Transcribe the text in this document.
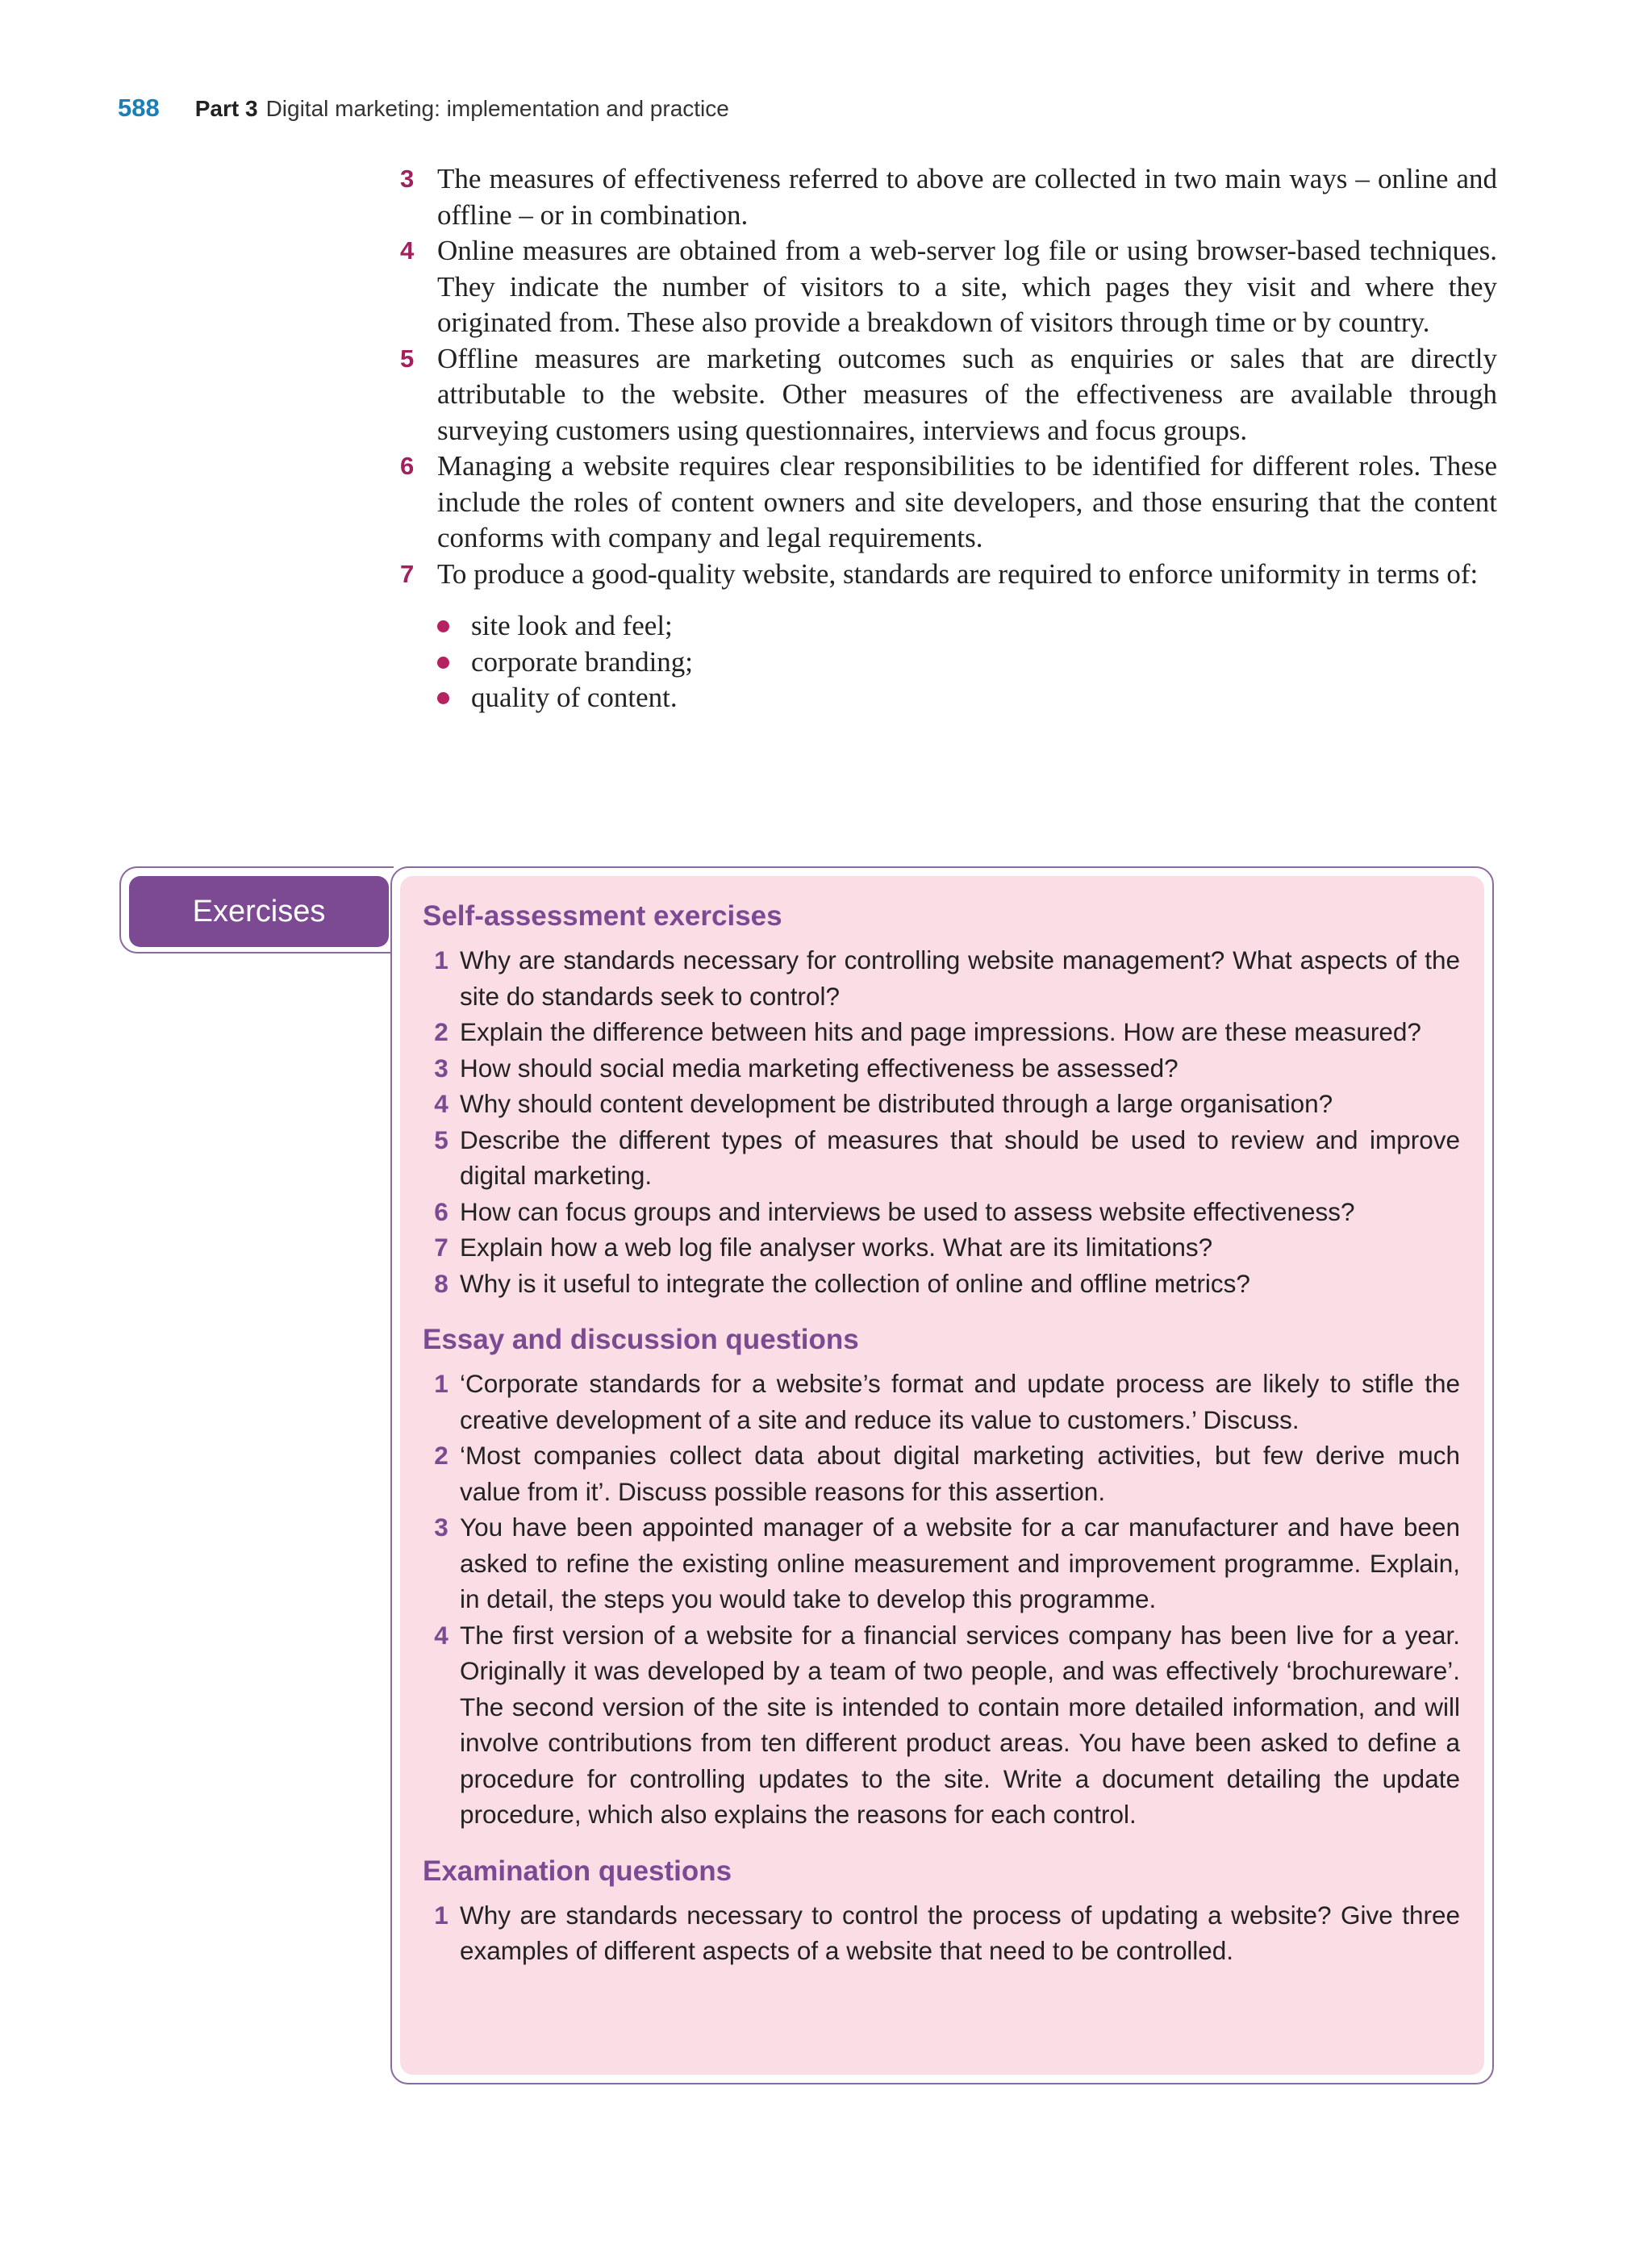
588 Part 3 Digital marketing: implementation and practice
3 The measures of effectiveness referred to above are collected in two main ways – online and offline – or in combination.
4 Online measures are obtained from a web-server log file or using browser-based techniques. They indicate the number of visitors to a site, which pages they visit and where they originated from. These also provide a breakdown of visitors through time or by country.
5 Offline measures are marketing outcomes such as enquiries or sales that are directly attributable to the website. Other measures of the effectiveness are available through surveying customers using questionnaires, interviews and focus groups.
6 Managing a website requires clear responsibilities to be identified for different roles. These include the roles of content owners and site developers, and those ensuring that the content conforms with company and legal requirements.
7 To produce a good-quality website, standards are required to enforce uniformity in terms of:
site look and feel;
corporate branding;
quality of content.
Exercises	Self-assessment exercises
1 Why are standards necessary for controlling website management? What aspects of the site do standards seek to control?
2 Explain the difference between hits and page impressions. How are these measured?
3 How should social media marketing effectiveness be assessed?
4 Why should content development be distributed through a large organisation?
5 Describe the different types of measures that should be used to review and improve digital marketing.
6 How can focus groups and interviews be used to assess website effectiveness?
7 Explain how a web log file analyser works. What are its limitations?
8 Why is it useful to integrate the collection of online and offline metrics?
Essay and discussion questions
1 ‘Corporate standards for a website’s format and update process are likely to stifle the creative development of a site and reduce its value to customers.’ Discuss.
2 ‘Most companies collect data about digital marketing activities, but few derive much value from it’. Discuss possible reasons for this assertion.
3 You have been appointed manager of a website for a car manufacturer and have been asked to refine the existing online measurement and improvement programme. Explain, in detail, the steps you would take to develop this programme.
4 The first version of a website for a financial services company has been live for a year. Originally it was developed by a team of two people, and was effectively ‘brochureware’. The second version of the site is intended to contain more detailed information, and will involve contributions from ten different product areas. You have been asked to define a procedure for controlling updates to the site. Write a document detailing the update procedure, which also explains the reasons for each control.
Examination questions
1 Why are standards necessary to control the process of updating a website? Give three examples of different aspects of a website that need to be controlled.
